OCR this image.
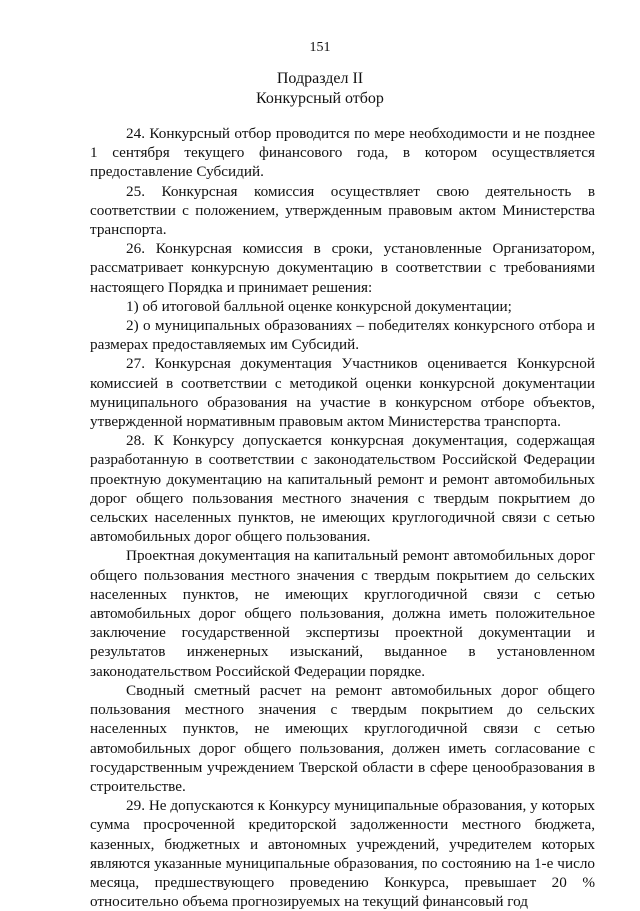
151
Подраздел II
Конкурсный отбор

24. Конкурсный отбор проводится по мере необходимости и не позднее 1 сентября текущего финансового года, в котором осуществляется предоставление Субсидий.

25. Конкурсная комиссия осуществляет свою деятельность в соответствии с положением, утвержденным правовым актом Министерства транспорта.

26. Конкурсная комиссия в сроки, установленные Организатором, рассматривает конкурсную документацию в соответствии с требованиями настоящего Порядка и принимает решения:

1) об итоговой балльной оценке конкурсной документации;

2) о муниципальных образованиях – победителях конкурсного отбора и размерах предоставляемых им Субсидий.

27. Конкурсная документация Участников оценивается Конкурсной комиссией в соответствии с методикой оценки конкурсной документации муниципального образования на участие в конкурсном отборе объектов, утвержденной нормативным правовым актом Министерства транспорта.

28. К Конкурсу допускается конкурсная документация, содержащая разработанную в соответствии с законодательством Российской Федерации проектную документацию на капитальный ремонт и ремонт автомобильных дорог общего пользования местного значения с твердым покрытием до сельских населенных пунктов, не имеющих круглогодичной связи с сетью автомобильных дорог общего пользования.

Проектная документация на капитальный ремонт автомобильных дорог общего пользования местного значения с твердым покрытием до сельских населенных пунктов, не имеющих круглогодичной связи с сетью автомобильных дорог общего пользования, должна иметь положительное заключение государственной экспертизы проектной документации и результатов инженерных изысканий, выданное в установленном законодательством Российской Федерации порядке.

Сводный сметный расчет на ремонт автомобильных дорог общего пользования местного значения с твердым покрытием до сельских населенных пунктов, не имеющих круглогодичной связи с сетью автомобильных дорог общего пользования, должен иметь согласование с государственным учреждением Тверской области в сфере ценообразования в строительстве.

29. Не допускаются к Конкурсу муниципальные образования, у которых сумма просроченной кредиторской задолженности местного бюджета, казенных, бюджетных и автономных учреждений, учредителем которых являются указанные муниципальные образования, по состоянию на 1-е число месяца, предшествующего проведению Конкурса, превышает 20 % относительно объема прогнозируемых на текущий финансовый год
